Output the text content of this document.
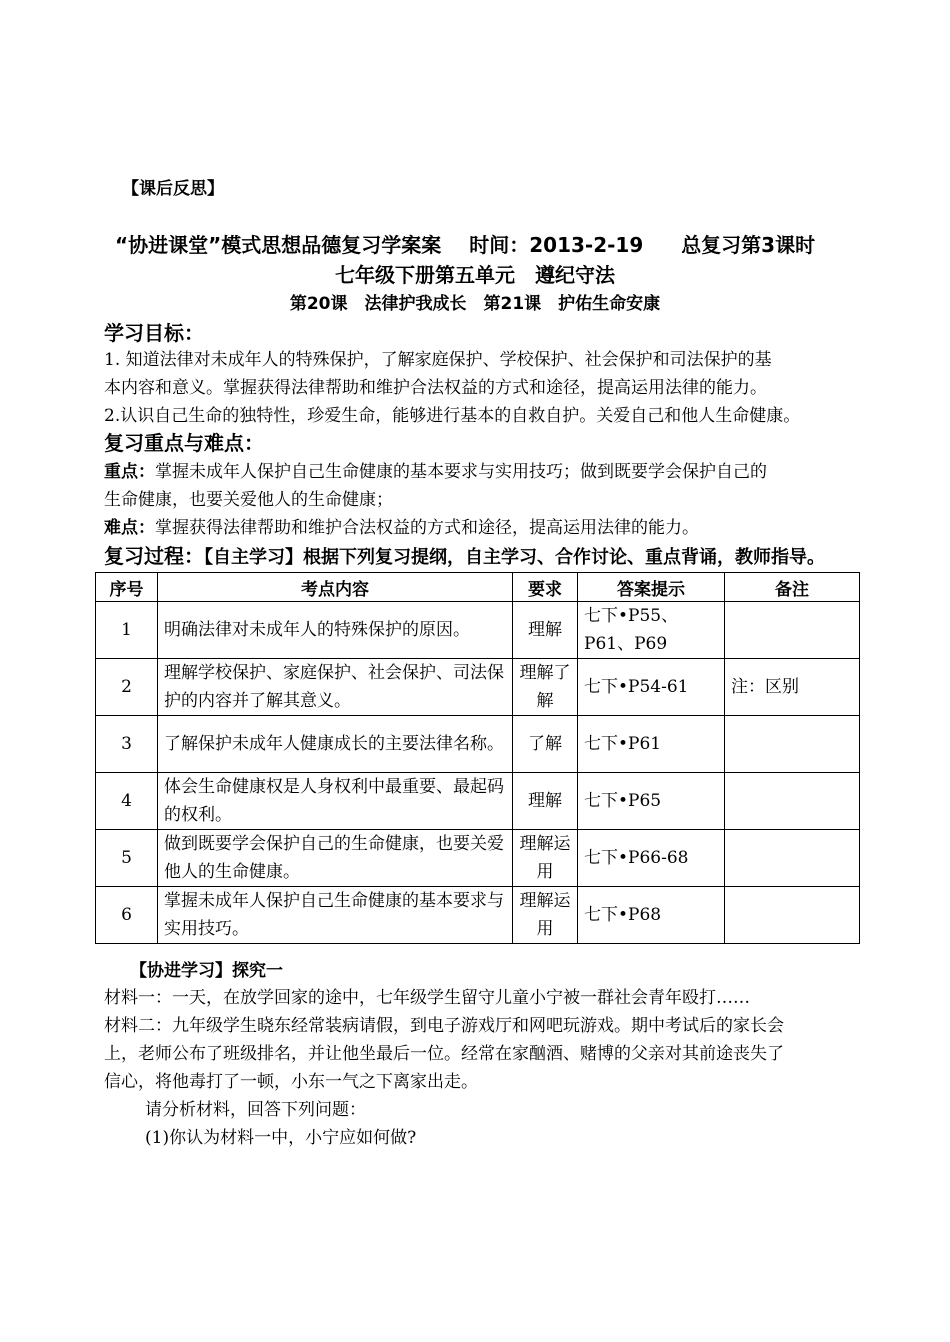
【课后反思】
“协进课堂”模式思想品德复习学案案 时间：2013-2-19 总复习第3课时
七年级下册第五单元　遵纪守法
第20课　法律护我成长　第21课　护佑生命安康
学习目标：
1. 知道法律对未成年人的特殊保护，了解家庭保护、学校保护、社会保护和司法保护的基
本内容和意义。掌握获得法律帮助和维护合法权益的方式和途径，提高运用法律的能力。
2.认识自己生命的独特性，珍爱生命，能够进行基本的自救自护。关爱自己和他人生命健康。
复习重点与难点：
重点：掌握未成年人保护自己生命健康的基本要求与实用技巧；做到既要学会保护自己的
生命健康，也要关爱他人的生命健康；
难点：掌握获得法律帮助和维护合法权益的方式和途径，提高运用法律的能力。
复习过程：【自主学习】根据下列复习提纲，自主学习、合作讨论、重点背诵，教师指导。
序号	考点内容	要求	答案提示	备注
1	明确法律对未成年人的特殊保护的原因。	理解	七下•P55、P61、P69	
2	理解学校保护、家庭保护、社会保护、司法保护的内容并了解其意义。	理解了解	七下•P54-61	注：区别
3	了解保护未成年人健康成长的主要法律名称。	了解	七下•P61	
4	体会生命健康权是人身权利中最重要、最起码的权利。	理解	七下•P65	
5	做到既要学会保护自己的生命健康，也要关爱他人的生命健康。	理解运用	七下•P66-68	
6	掌握未成年人保护自己生命健康的基本要求与实用技巧。	理解运用	七下•P68	
【协进学习】探究一
材料一：一天，在放学回家的途中，七年级学生留守儿童小宁被一群社会青年殴打……
材料二：九年级学生晓东经常装病请假，到电子游戏厅和网吧玩游戏。期中考试后的家长会
上，老师公布了班级排名，并让他坐最后一位。经常在家酗酒、赌博的父亲对其前途丧失了
信心，将他毒打了一顿，小东一气之下离家出走。
请分析材料，回答下列问题：
(1)你认为材料一中，小宁应如何做?
